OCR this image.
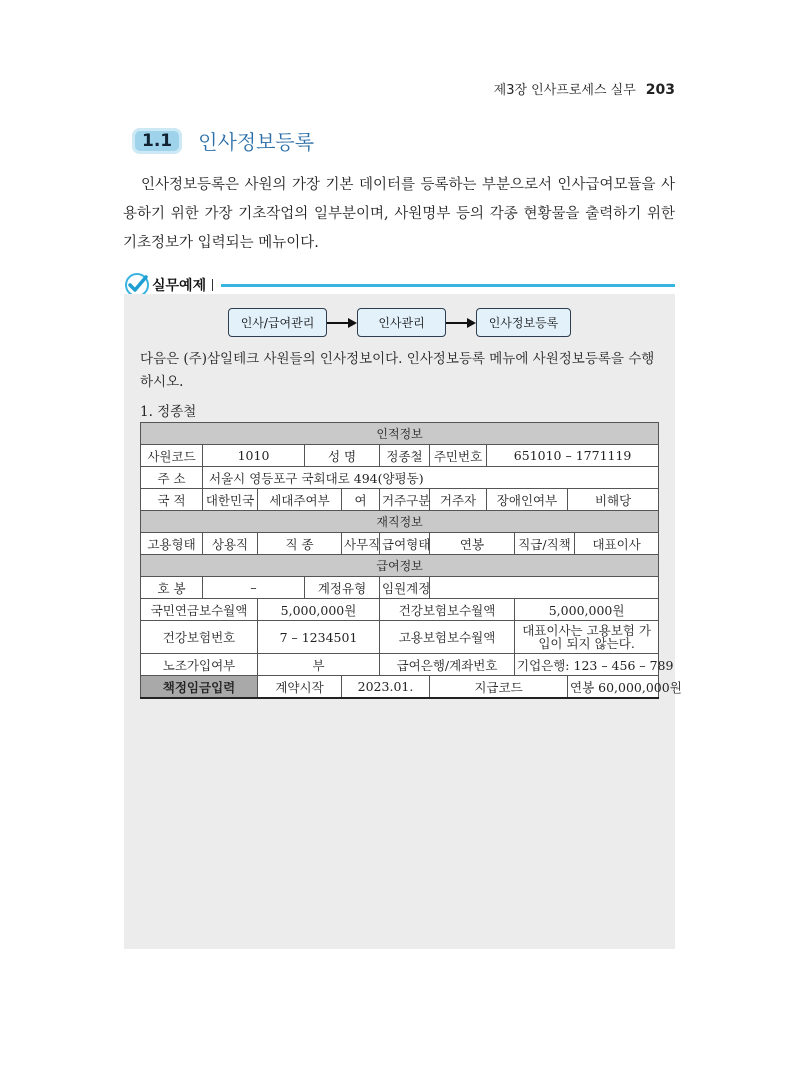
제3장 인사프로세스 실무 203
1.1	인사정보등록

인사정보등록은 사원의 가장 기본 데이터를 등록하는 부분으로서 인사급여모듈을 사용하기 위한 가장 기초작업의 일부분이며, 사원명부 등의 각종 현황물을 출력하기 위한 기초정보가 입력되는 메뉴이다.

실무예제
인사/급여관리	인사관리	인사정보등록

다음은 (주)삼일테크 사원들의 인사정보이다. 인사정보등록 메뉴에 사원정보등록을 수행하시오.

1. 정종철
인적정보										
사원코드	1010		성 명		정종철	주민번호	651010 – 1771119			
주 소	서울시 영등포구 국회대로 494(양평동)									
국 적	대한민국	세대주여부		여	거주구분	거주자	장애인여부		비해당	
재직정보										
고용형태	상용직	직 종		사무직	급여형태	연봉		직급/직책		대표이사
급여정보										
호 봉	–		계정유형		임원계정					
국민연금보수월액		5,000,000원			건강보험보수월액			5,000,000원		
건강보험번호		7 – 1234501			고용보험보수월액			대표이사는 고용보험 가입이 되지 않는다.		
노조가입여부		부			급여은행/계좌번호			기업은행: 123 – 456 – 789		
책정임금입력		계약시작		2023.01.		지급코드			연봉 60,000,000원	
